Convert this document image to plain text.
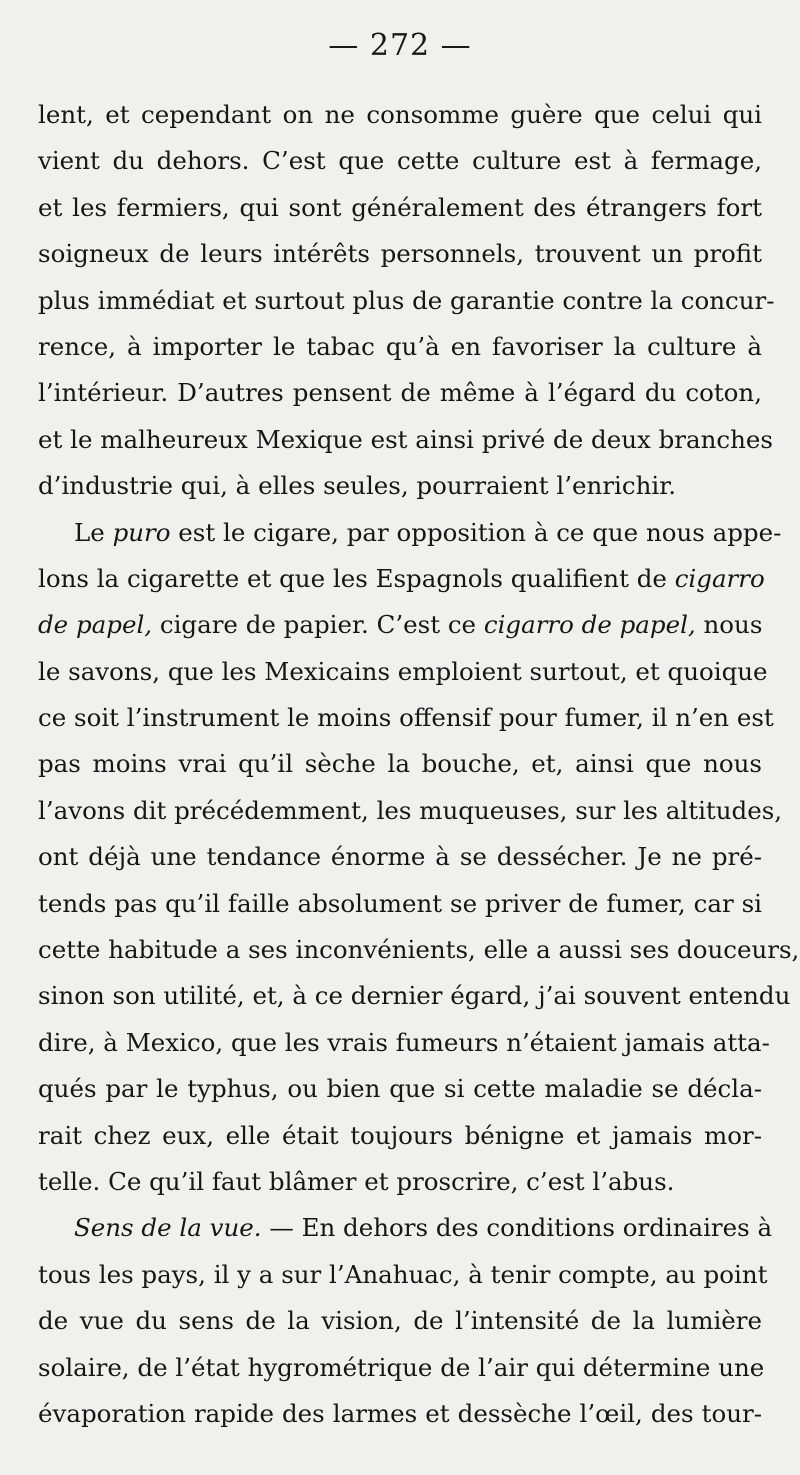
— 272 —
lent, et cependant on ne consomme guère que celui qui
vient du dehors. C’est que cette culture est à fermage,
et les fermiers, qui sont généralement des étrangers fort
soigneux de leurs intérêts personnels, trouvent un profit
plus immédiat et surtout plus de garantie contre la concur-
rence, à importer le tabac qu’à en favoriser la culture à
l’intérieur. D’autres pensent de même à l’égard du coton,
et le malheureux Mexique est ainsi privé de deux branches
d’industrie qui, à elles seules, pourraient l’enrichir.
Le puro est le cigare, par opposition à ce que nous appe-
lons la cigarette et que les Espagnols qualifient de cigarro
de papel, cigare de papier. C’est ce cigarro de papel, nous
le savons, que les Mexicains emploient surtout, et quoique
ce soit l’instrument le moins offensif pour fumer, il n’en est
pas moins vrai qu’il sèche la bouche, et, ainsi que nous
l’avons dit précédemment, les muqueuses, sur les altitudes,
ont déjà une tendance énorme à se dessécher. Je ne pré-
tends pas qu’il faille absolument se priver de fumer, car si
cette habitude a ses inconvénients, elle a aussi ses douceurs,
sinon son utilité, et, à ce dernier égard, j’ai souvent entendu
dire, à Mexico, que les vrais fumeurs n’étaient jamais atta-
qués par le typhus, ou bien que si cette maladie se décla-
rait chez eux, elle était toujours bénigne et jamais mor-
telle. Ce qu’il faut blâmer et proscrire, c’est l’abus.
Sens de la vue. — En dehors des conditions ordinaires à
tous les pays, il y a sur l’Anahuac, à tenir compte, au point
de vue du sens de la vision, de l’intensité de la lumière
solaire, de l’état hygrométrique de l’air qui détermine une
évaporation rapide des larmes et dessèche l’œil, des tour-
